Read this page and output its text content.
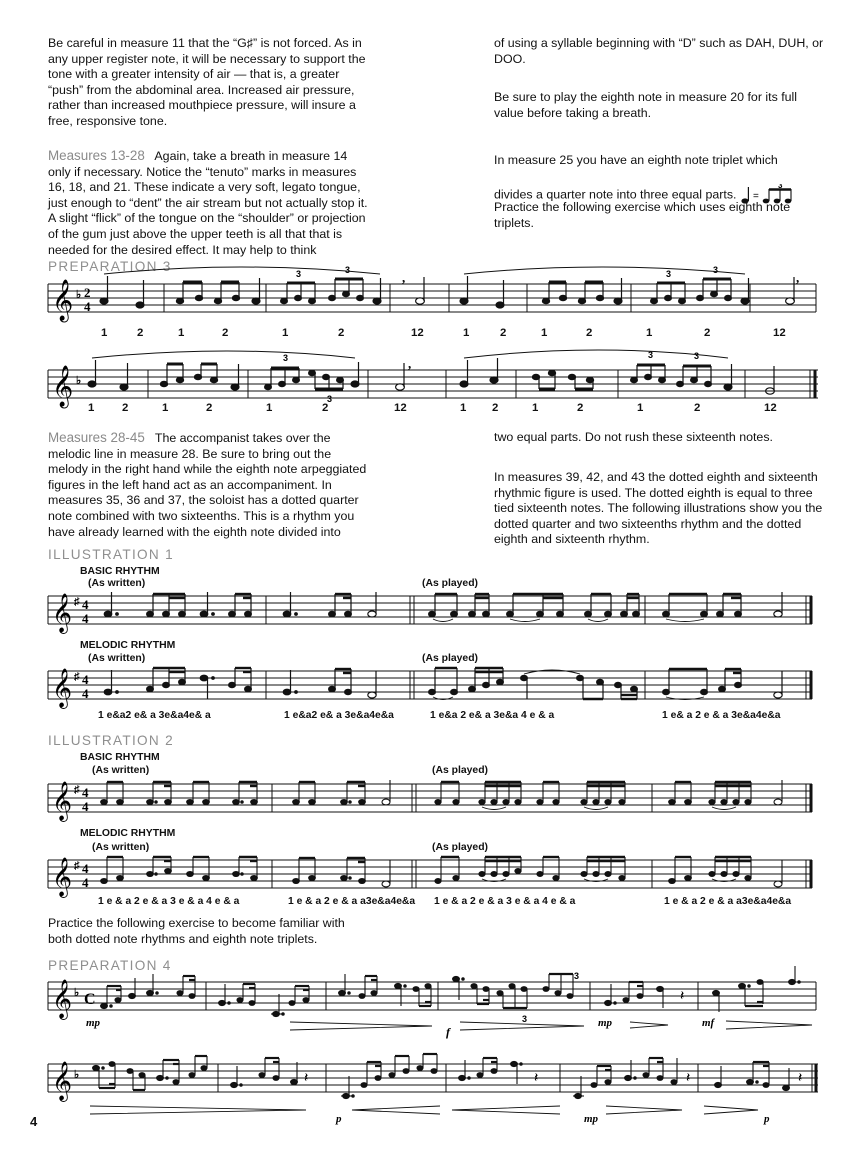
Be careful in measure 11 that the “G♯” is not forced. As in any upper register note, it will be necessary to support the tone with a greater intensity of air — that is, a greater “push” from the abdominal area. Increased air pressure, rather than increased mouthpiece pressure, will insure a free, responsive tone.

Measures 13-28 Again, take a breath in measure 14 only if necessary. Notice the “tenuto” marks in measures 16, 18, and 21. These indicate a very soft, legato tongue, just enough to “dent” the air stream but not actually stop it. A slight “flick” of the tongue on the “shoulder” or projection of the gum just above the upper teeth is all that that is needed for the desired effect. It may help to think

of using a syllable beginning with “D” such as DAH, DUH, or DOO.

Be sure to play the eighth note in measure 20 for its full value before taking a breath.

In measure 25 you have an eighth note triplet which

divides a quarter note into three equal parts. =
3

Practice the following exercise which uses eighth note triplets.

PREPARATION 3
𝄞 ♭ 2
4
3	3	3	3
,	,
1	2	1	2	1	2	12	1	2	1	2	1	2	12
𝄞 ♭
3
3
3	3
,
1 2	1	2	1	2	12	1 2	1	2	1	2	12

Measures 28-45 The accompanist takes over the melodic line in measure 28. Be sure to bring out the melody in the right hand while the eighth note arpeggiated figures in the left hand act as an accompaniment. In measures 35, 36 and 37, the soloist has a dotted quarter note combined with two sixteenths. This is a rhythm you have already learned with the eighth note divided into

two equal parts. Do not rush these sixteenth notes.

In measures 39, 42, and 43 the dotted eighth and sixteenth rhythmic figure is used. The dotted eighth is equal to three tied sixteenth notes. The following illustrations show you the dotted quarter and two sixteenths rhythm and the dotted eighth and sixteenth rhythm.

ILLUSTRATION 1
BASIC RHYTHM
(As written)	(As played)
𝄞 ♯ 4
4
MELODIC RHYTHM
(As written)	(As played)
𝄞 ♯ 4
4
1 e&a2 e& a 3e&a4e& a	1 e&a2 e& a 3e&a4e&a	1 e&a 2 e& a 3e&a 4 e & a	1 e& a 2 e & a 3e&a4e&a
ILLUSTRATION 2
BASIC RHYTHM
(As written)	(As played)
𝄞 ♯ 4
4
MELODIC RHYTHM
(As written)	(As played)
𝄞 ♯ 4
4
1 e & a 2 e & a 3 e & a 4 e & a	1 e & a 2 e & a a3e&a4e&a 1 e & a 2 e & a 3 e & a 4 e & a	1 e & a 2 e & a a3e&a4e&a

Practice the following exercise to become familiar with both dotted note rhythms and eighth note triplets.

PREPARATION 4
𝄞 ♭ C	𝄽
3
3
mp
f
mp	mf
𝄞 ♭	𝄽	𝄽	𝄽
𝄽
p	mp	p
4
